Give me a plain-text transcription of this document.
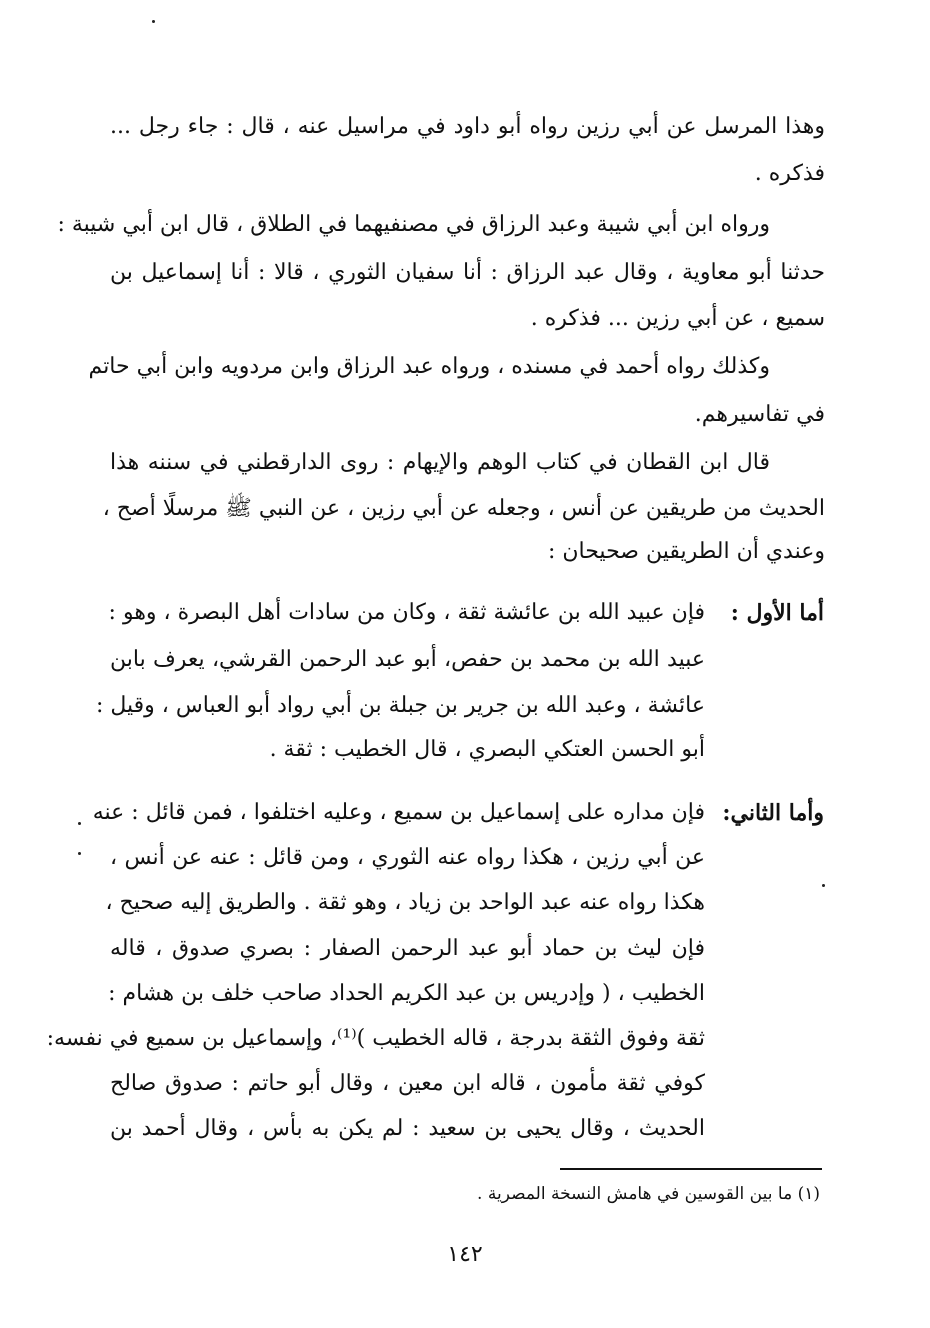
وهذا المرسل عن أبي رزين رواه أبو داود في مراسيل عنه ، قال : جاء رجل ...
فذكره .
ورواه ابن أبي شيبة وعبد الرزاق في مصنفيهما في الطلاق ، قال ابن أبي شيبة :
حدثنا أبو معاوية ، وقال عبد الرزاق : أنا سفيان الثوري ، قالا : أنا إسماعيل بن
سميع ، عن أبي رزين ... فذكره .
وكذلك رواه أحمد في مسنده ، ورواه عبد الرزاق وابن مردويه وابن أبي حاتم
في تفاسيرهم.
قال ابن القطان في كتاب الوهم والإيهام : روى الدارقطني في سننه هذا
الحديث من طريقين عن أنس ، وجعله عن أبي رزين ، عن النبي ﷺ مرسلًا أصح ،
وعندي أن الطريقين صحيحان :
أما الأول :
فإن عبيد الله بن عائشة ثقة ، وكان من سادات أهل البصرة ، وهو :
عبيد الله بن محمد بن حفص، أبو عبد الرحمن القرشي، يعرف بابن
عائشة ، وعبد الله بن جرير بن جبلة بن أبي رواد أبو العباس ، وقيل :
أبو الحسن العتكي البصري ، قال الخطيب : ثقة .
وأما الثاني:
فإن مداره على إسماعيل بن سميع ، وعليه اختلفوا ، فمن قائل : عنه
عن أبي رزين ، هكذا رواه عنه الثوري ، ومن قائل : عنه عن أنس ،
هكذا رواه عنه عبد الواحد بن زياد ، وهو ثقة . والطريق إليه صحيح ،
فإن ليث بن حماد أبو عبد الرحمن الصفار : بصري صدوق ، قاله
الخطيب ، ( وإدريس بن عبد الكريم الحداد صاحب خلف بن هشام :
ثقة وفوق الثقة بدرجة ، قاله الخطيب )⁽¹⁾، وإسماعيل بن سميع في نفسه:
كوفي ثقة مأمون ، قاله ابن معين ، وقال أبو حاتم : صدوق صالح
الحديث ، وقال يحيى بن سعيد : لم يكن به بأس ، وقال أحمد بن
(١) ما بين القوسين في هامش النسخة المصرية .
١٤٢
